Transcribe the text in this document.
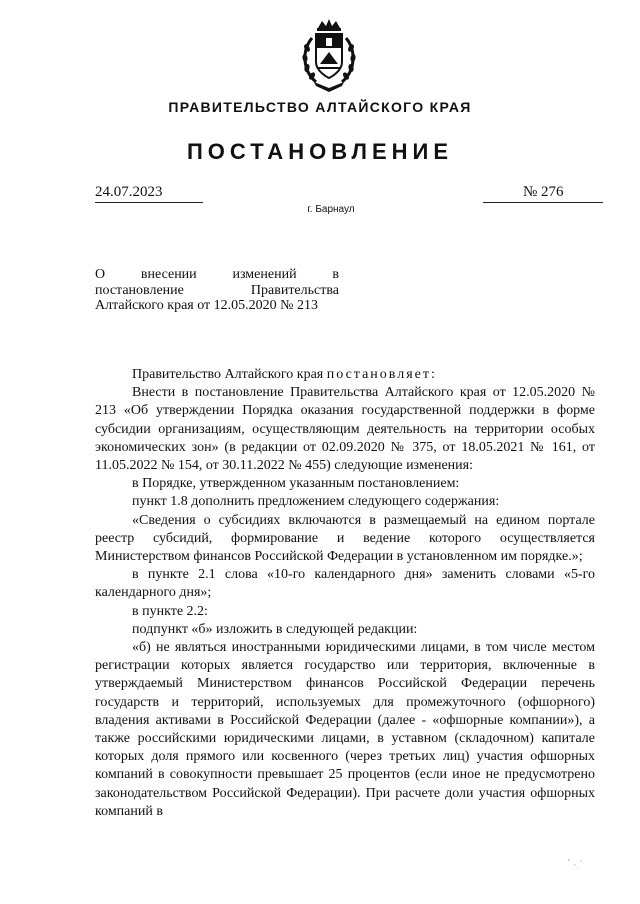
ПРАВИТЕЛЬСТВО АЛТАЙСКОГО КРАЯ
ПОСТАНОВЛЕНИЕ
24.07.2023	№ 276
г. Барнаул
О внесении изменений в
постановление Правительства
Алтайского края от 12.05.2020 № 213

Правительство Алтайского края постановляет:

Внести в постановление Правительства Алтайского края от 12.05.2020 № 213 «Об утверждении Порядка оказания государственной поддержки в форме субсидии организациям, осуществляющим деятельность на территории особых экономических зон» (в редакции от 02.09.2020 № 375, от 18.05.2021 № 161, от 11.05.2022 № 154, от 30.11.2022 № 455) следующие изменения:

в Порядке, утвержденном указанным постановлением:

пункт 1.8 дополнить предложением следующего содержания:

«Сведения о субсидиях включаются в размещаемый на едином портале реестр субсидий, формирование и ведение которого осуществляется Министерством финансов Российской Федерации в установленном им порядке.»;

в пункте 2.1 слова «10-го календарного дня» заменить словами «5-го календарного дня»;

в пункте 2.2:

подпункт «б» изложить в следующей редакции:

«б) не являться иностранными юридическими лицами, в том числе местом регистрации которых является государство или территория, включенные в утверждаемый Министерством финансов Российской Федерации перечень государств и территорий, используемых для промежуточного (офшорного) владения активами в Российской Федерации (далее - «офшорные компании»), а также российскими юридическими лицами, в уставном (складочном) капитале которых доля прямого или косвенного (через третьих лиц) участия офшорных компаний в совокупности превышает 25 процентов (если иное не предусмотрено законодательством Российской Федерации). При расчете доли участия офшорных компаний в
